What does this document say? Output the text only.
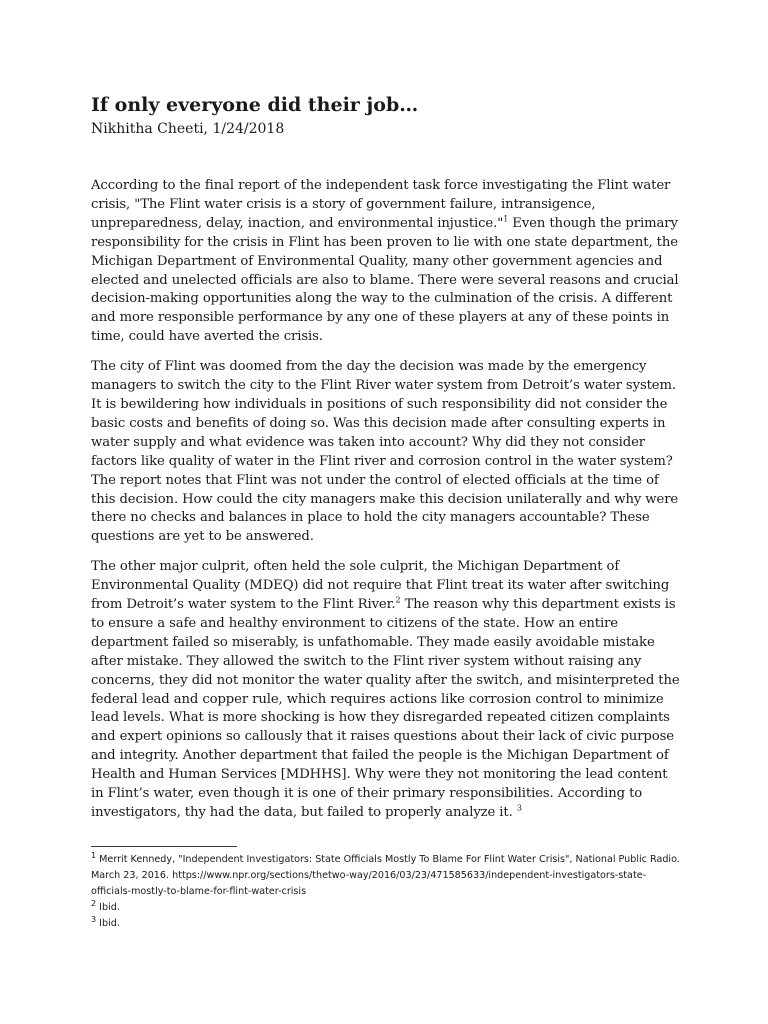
If only everyone did their job…
Nikhitha Cheeti, 1/24/2018

According to the final report of the independent task force investigating the Flint water crisis, "The Flint water crisis is a story of government failure, intransigence, unpreparedness, delay, inaction, and environmental injustice."$^1$ Even though the primary responsibility for the crisis in Flint has been proven to lie with one state department, the Michigan Department of Environmental Quality, many other government agencies and elected and unelected officials are also to blame. There were several reasons and crucial decision-making opportunities along the way to the culmination of the crisis. A different and more responsible performance by any one of these players at any of these points in time, could have averted the crisis.

The city of Flint was doomed from the day the decision was made by the emergency managers to switch the city to the Flint River water system from Detroit’s water system. It is bewildering how individuals in positions of such responsibility did not consider the basic costs and benefits of doing so. Was this decision made after consulting experts in water supply and what evidence was taken into account? Why did they not consider factors like quality of water in the Flint river and corrosion control in the water system? The report notes that Flint was not under the control of elected officials at the time of this decision. How could the city managers make this decision unilaterally and why were there no checks and balances in place to hold the city managers accountable? These questions are yet to be answered.

The other major culprit, often held the sole culprit, the Michigan Department of Environmental Quality (MDEQ) did not require that Flint treat its water after switching from Detroit’s water system to the Flint River.$^2$ The reason why this department exists is to ensure a safe and healthy environment to citizens of the state. How an entire department failed so miserably, is unfathomable. They made easily avoidable mistake after mistake. They allowed the switch to the Flint river system without raising any concerns, they did not monitor the water quality after the switch, and misinterpreted the federal lead and copper rule, which requires actions like corrosion control to minimize lead levels. What is more shocking is how they disregarded repeated citizen complaints and expert opinions so callously that it raises questions about their lack of civic purpose and integrity. Another department that failed the people is the Michigan Department of Health and Human Services [MDHHS]. Why were they not monitoring the lead content in Flint’s water, even though it is one of their primary responsibilities. According to investigators, thy had the data, but failed to properly analyze it. $^3$

$^1$ Merrit Kennedy, "Independent Investigators: State Officials Mostly To Blame For Flint Water Crisis", National Public Radio. March 23, 2016. https://www.npr.org/sections/thetwo-way/2016/03/23/471585633/independent-investigators-state-officials-mostly-to-blame-for-flint-water-crisis
$^2$ Ibid.
$^3$ Ibid.
